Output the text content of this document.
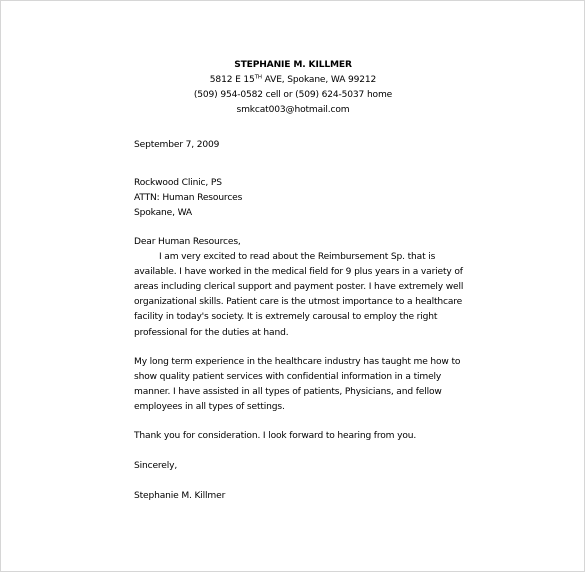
STEPHANIE M. KILLMER
5812 E 15TH AVE, Spokane, WA 99212
(509) 954-0582 cell or (509) 624-5037 home
smkcat003@hotmail.com
September 7, 2009
Rockwood Clinic, PS
ATTN: Human Resources
Spokane, WA
Dear Human Resources,
I am very excited to read about the Reimbursement Sp. that is
available. I have worked in the medical field for 9 plus years in a variety of
areas including clerical support and payment poster. I have extremely well
organizational skills. Patient care is the utmost importance to a healthcare
facility in today's society. It is extremely carousal to employ the right
professional for the duties at hand.
My long term experience in the healthcare industry has taught me how to
show quality patient services with confidential information in a timely
manner. I have assisted in all types of patients, Physicians, and fellow
employees in all types of settings.
Thank you for consideration. I look forward to hearing from you.
Sincerely,
Stephanie M. Killmer
